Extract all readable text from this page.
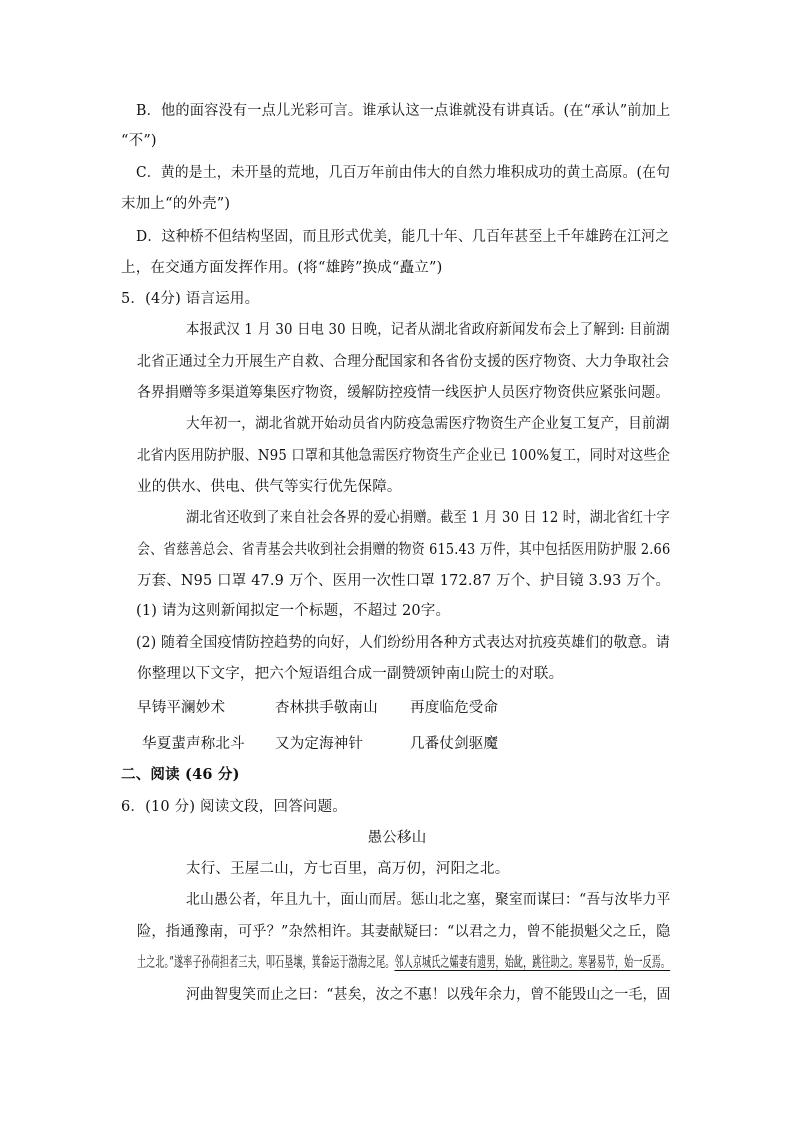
B．他的面容没有一点儿光彩可言。谁承认这一点谁就没有讲真话。(在“承认”前加上
“不”)
C．黄的是土，未开垦的荒地，几百万年前由伟大的自然力堆积成功的黄土高原。(在句
末加上“的外壳”)
D．这种桥不但结构坚固，而且形式优美，能几十年、几百年甚至上千年雄跨在江河之
上，在交通方面发挥作用。(将“雄跨”换成“矗立”)
5．(4分) 语言运用。
本报武汉 1 月 30 日电 30 日晚，记者从湖北省政府新闻发布会上了解到: 目前湖
北省正通过全力开展生产自救、合理分配国家和各省份支援的医疗物资、大力争取社会
各界捐赠等多渠道筹集医疗物资，缓解防控疫情一线医护人员医疗物资供应紧张问题。
大年初一，湖北省就开始动员省内防疫急需医疗物资生产企业复工复产，目前湖
北省内医用防护服、N95 口罩和其他急需医疗物资生产企业已 100%复工，同时对这些企
业的供水、供电、供气等实行优先保障。
湖北省还收到了来自社会各界的爱心捐赠。截至 1 月 30 日 12 时，湖北省红十字
会、省慈善总会、省青基会共收到社会捐赠的物资 615.43 万件，其中包括医用防护服 2.66
万套、N95 口罩 47.9 万个、医用一次性口罩 172.87 万个、护目镜 3.93 万个。
(1) 请为这则新闻拟定一个标题，不超过 20字。
(2) 随着全国疫情防控趋势的向好，人们纷纷用各种方式表达对抗疫英雄们的敬意。请
你整理以下文字，把六个短语组合成一副赞颂钟南山院士的对联。
早铸平澜妙术	杏林拱手敬南山 再度临危受命
华夏蜚声称北斗 又为定海神针	几番仗剑驱魔
二、阅读 (46 分)
6．(10 分) 阅读文段，回答问题。
愚公移山
太行、王屋二山，方七百里，高万仞，河阳之北。
北山愚公者，年且九十，面山而居。惩山北之塞，聚室而谋曰：“吾与汝毕力平
险，指通豫南，可乎？”杂然相许。其妻献疑曰：“以君之力，曾不能损魁父之丘，隐
土之北。”遂率子孙荷担者三夫，叩石垦壤，箕畚运于渤海之尾。邻人京城氏之孀妻有遗男，始龀，跳往助之。寒暑易节，始一反焉。
河曲智叟笑而止之曰：“甚矣，汝之不惠！以残年余力，曾不能毁山之一毛，固
